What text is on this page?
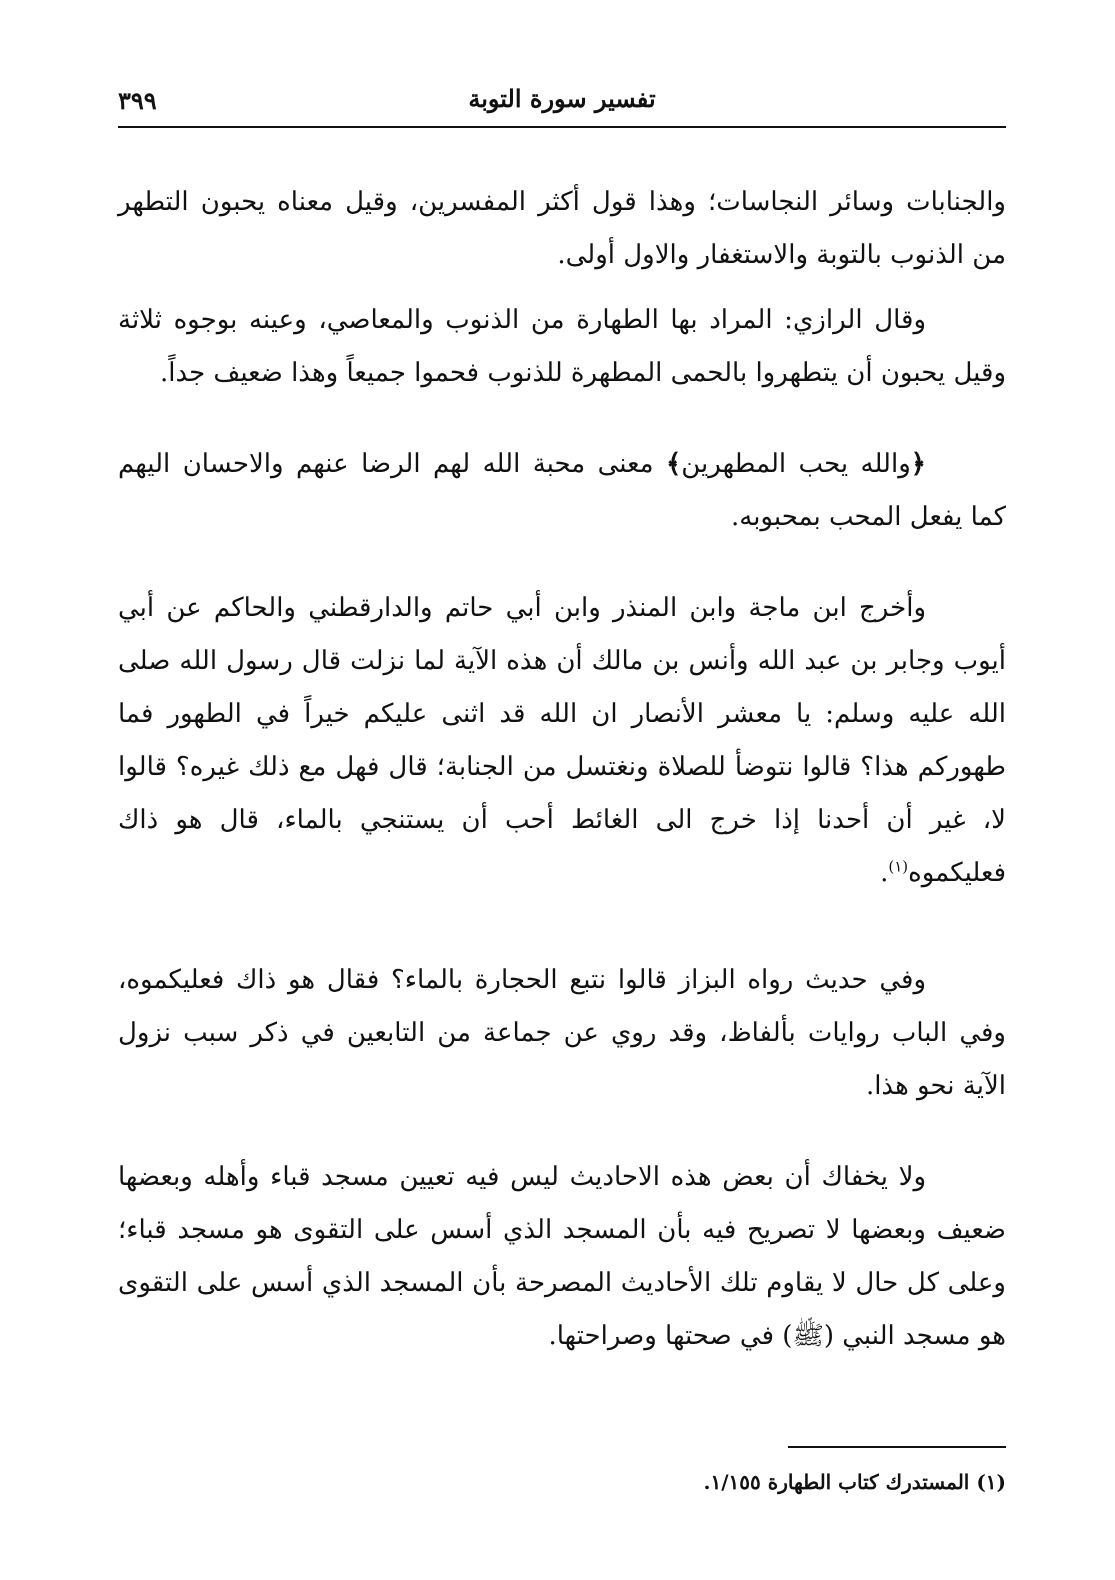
تفسير سورة التوبة
٣٩٩

والجنابات وسائر النجاسات؛ وهذا قول أكثر المفسرين، وقيل معناه يحبون التطهر من الذنوب بالتوبة والاستغفار والاول أولى.

وقال الرازي: المراد بها الطهارة من الذنوب والمعاصي، وعينه بوجوه ثلاثة وقيل يحبون أن يتطهروا بالحمى المطهرة للذنوب فحموا جميعاً وهذا ضعيف جداً.

﴿والله يحب المطهرين﴾ معنى محبة الله لهم الرضا عنهم والاحسان اليهم كما يفعل المحب بمحبوبه.

وأخرج ابن ماجة وابن المنذر وابن أبي حاتم والدارقطني والحاكم عن أبي أيوب وجابر بن عبد الله وأنس بن مالك أن هذه الآية لما نزلت قال رسول الله صلى الله عليه وسلم: يا معشر الأنصار ان الله قد اثنى عليكم خيراً في الطهور فما طهوركم هذا؟ قالوا نتوضأ للصلاة ونغتسل من الجنابة؛ قال فهل مع ذلك غيره؟ قالوا لا، غير أن أحدنا إذا خرج الى الغائط أحب أن يستنجي بالماء، قال هو ذاك فعليكموه$^{(١)}$.

وفي حديث رواه البزاز قالوا نتبع الحجارة بالماء؟ فقال هو ذاك فعليكموه، وفي الباب روايات بألفاظ، وقد روي عن جماعة من التابعين في ذكر سبب نزول الآية نحو هذا.

ولا يخفاك أن بعض هذه الاحاديث ليس فيه تعيين مسجد قباء وأهله وبعضها ضعيف وبعضها لا تصريح فيه بأن المسجد الذي أسس على التقوى هو مسجد قباء؛ وعلى كل حال لا يقاوم تلك الأحاديث المصرحة بأن المسجد الذي أسس على التقوى هو مسجد النبي (ﷺ) في صحتها وصراحتها.

(١) المستدرك كتاب الطهارة ١/١٥٥.
